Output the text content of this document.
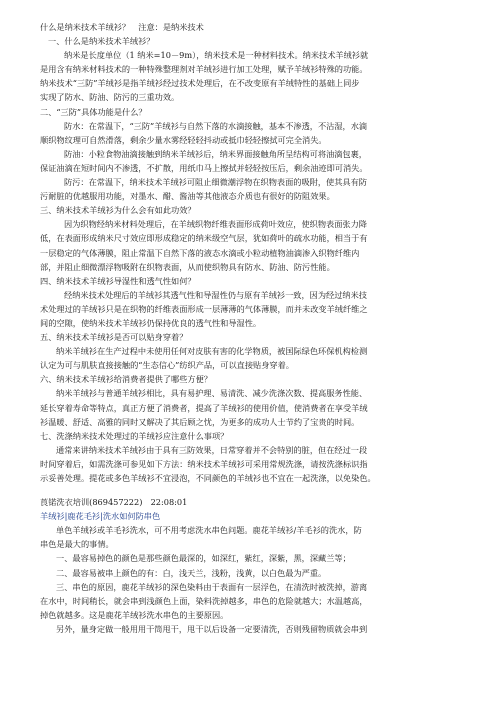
什么是纳米技术羊绒衫？　注意：是纳米技术
一、什么是纳米技术羊绒衫？
纳米是长度单位（1 纳米=10－9m），纳米技术是一种材料技术。纳米技术羊绒衫就
是用含有纳米材料技术的一种特殊整理剂对羊绒衫进行加工处理，赋予羊绒衫特殊的功能。
纳米技术“三防”羊绒衫是指羊绒衫经过技术处理后，在不改变原有羊绒特性的基础上同步
实现了防水、防油、防污的三重功效。
二、“三防”具体功能是什么？
防水：在常温下，“三防”羊绒衫与自然下落的水滴接触，基本不渗透，不沾湿，水滴
顺织物纹理可自然滑落，剩余少量水雾经轻轻抖动或抵巾轻轻擦拭可完全消失。
防油：小粒食物油滴接触到纳米羊绒衫后，纳米界面接触角所呈结构可将油滴包裹，
保证油滴在短时间内不渗透，不扩散，用纸巾马上擦拭并轻轻按压后，剩余油迹即可消失。
防污：在常温下，纳米技术羊绒衫可阻止细微潮浮物在织物表面的吸附，使其具有防
污耐脏的优越服用功能，对墨水、醋、酱油等其他液态介质也有很好的防阻效果。
三、纳米技术羊绒衫为什么会有如此功效？
因为织物经纳米材料处理后，在羊绒织物纤维表面形成荷叶效应，使织物表面张力降
低，在表面形成纳米尺寸效应即形成稳定的纳米级空气层，犹如荷叶的疏水功能，相当于有
一层稳定的气体薄膜，阻止常温下自然下落的液态水滴或小粒动植物油滴渗入织物纤维内
部，并阻止细微漂浮物吸附在织物表面，从而使织物具有防水、防油、防污性能。
四、纳米技术羊绒衫导湿性和透气性如何？
经纳米技术处理后的羊绒衫其透气性和导湿性仍与原有羊绒衫一致，因为经过纳米技
术处理过的羊绒衫只是在织物的纤维表面形成一层薄薄的气体薄膜，而并未改变羊绒纤维之
间的空隙，使纳米技术羊绒衫仍保持优良的透气性和导湿性。
五、纳米技术羊绒衫是否可以贴身穿着？
纳米羊绒衫在生产过程中未使用任何对皮肤有害的化学物质，被国际绿色环保机构检测
认定为可与肌肤直接接触的“生态信心”纺织产品，可以直接贴身穿着。
六、纳米技术羊绒衫给消费者提供了哪些方便？
纳米羊绒衫与普通羊绒衫相比，具有易护理、易清洗、减少洗涤次数、提高服务性能、
延长穿着寿命等特点，真正方便了消费者，提高了羊绒衫的使用价值，使消费者在享受羊绒
衫温暖、舒适、高雅的同时又解决了其后顾之忧，为更多的成功人士节约了宝贵的时间。
七、洗涤纳米技术处理过的羊绒衫应注意什么事项？
通常来讲纳米技术羊绒衫由于具有三防效果，日常穿着并不会特别的脏，但在经过一段
时间穿着后，如需洗涤可参见如下方法：纳米技术羊绒衫可采用常规洗涤，请按洗涤标识指
示妥善处理。提花或多色羊绒衫不宜浸泡，不同颜色的羊绒衫也不宜在一起洗涤，以免染色。
莨锘洗衣培训(869457222)　22:08:01
羊绒衫|鹿花毛衫|洗水如何防串色
单色羊绒衫或羊毛衫洗水，可不用考虑洗水串色问题。鹿花羊绒衫/羊毛衫的洗水，防
串色是最大的事情。
一、最容易掉色的颜色是那些颜色最深的，如深红，紫红，深紫，黑，深藏兰等；
二、最容易被串上颜色的有：白，浅天兰，浅粉，浅黄，以白色最为严重。
三、串色的原因，鹿花羊绒衫的深色染料由于表面有一层浮色，在清洗时被洗掉，游离
在水中，时间稍长，就会串到浅颜色上面，染料洗掉越多，串色的危险就越大；水温越高，
掉色就越多。这是鹿花羊绒衫洗水串色的主要原因。
另外，量身定做一般用用干筒甩干，甩干以后设备一定要清洗，否则残留物质就会串到
